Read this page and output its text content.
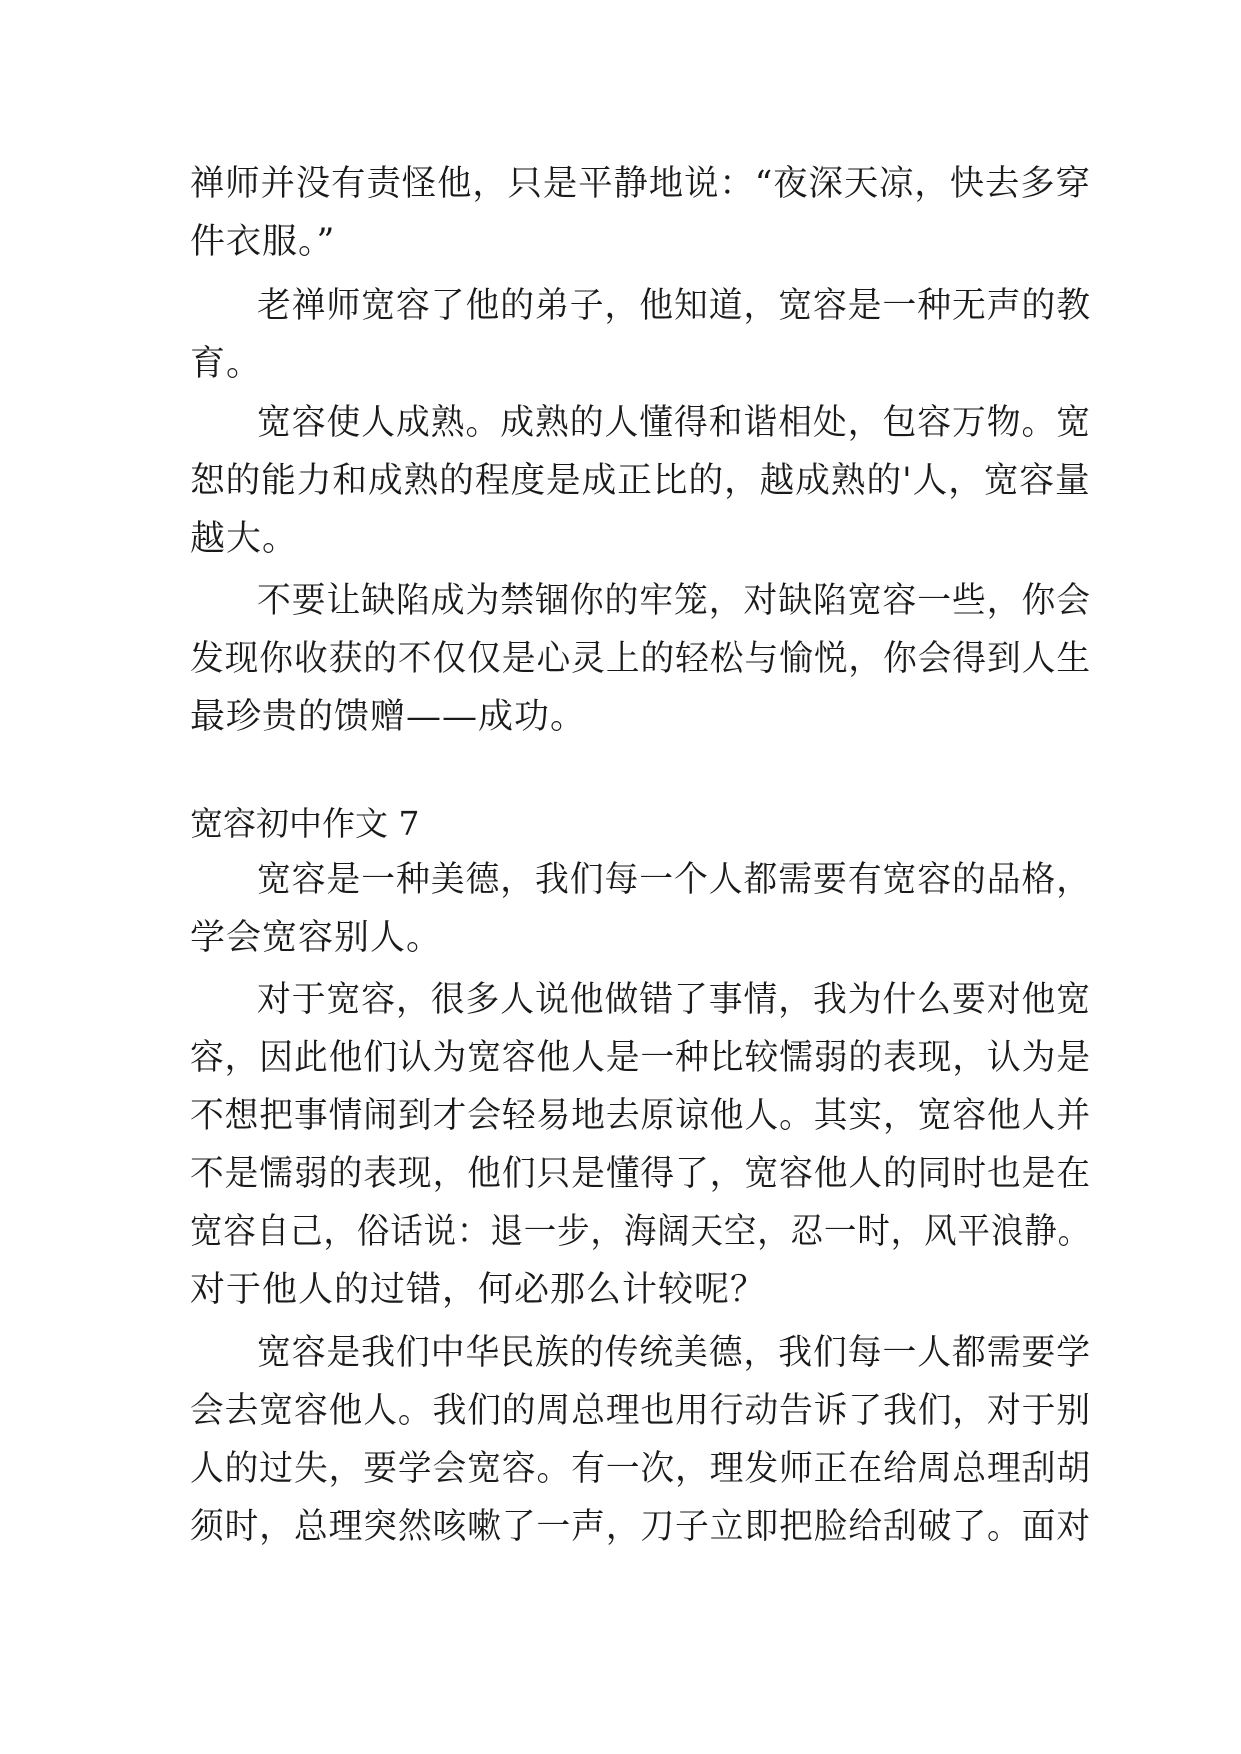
禅师并没有责怪他，只是平静地说：“夜深天凉，快去多穿
件衣服。”
老禅师宽容了他的弟子，他知道，宽容是一种无声的教
育。
宽容使人成熟。成熟的人懂得和谐相处，包容万物。宽
恕的能力和成熟的程度是成正比的，越成熟的'人，宽容量
越大。
不要让缺陷成为禁锢你的牢笼，对缺陷宽容一些，你会
发现你收获的不仅仅是心灵上的轻松与愉悦，你会得到人生
最珍贵的馈赠——成功。
宽容初中作文 7
宽容是一种美德，我们每一个人都需要有宽容的品格，
学会宽容别人。
对于宽容，很多人说他做错了事情，我为什么要对他宽
容，因此他们认为宽容他人是一种比较懦弱的表现，认为是
不想把事情闹到才会轻易地去原谅他人。其实，宽容他人并
不是懦弱的表现，他们只是懂得了，宽容他人的同时也是在
宽容自己，俗话说：退一步，海阔天空，忍一时，风平浪静。
对于他人的过错，何必那么计较呢？
宽容是我们中华民族的传统美德，我们每一人都需要学
会去宽容他人。我们的周总理也用行动告诉了我们，对于别
人的过失，要学会宽容。有一次，理发师正在给周总理刮胡
须时，总理突然咳嗽了一声，刀子立即把脸给刮破了。面对
